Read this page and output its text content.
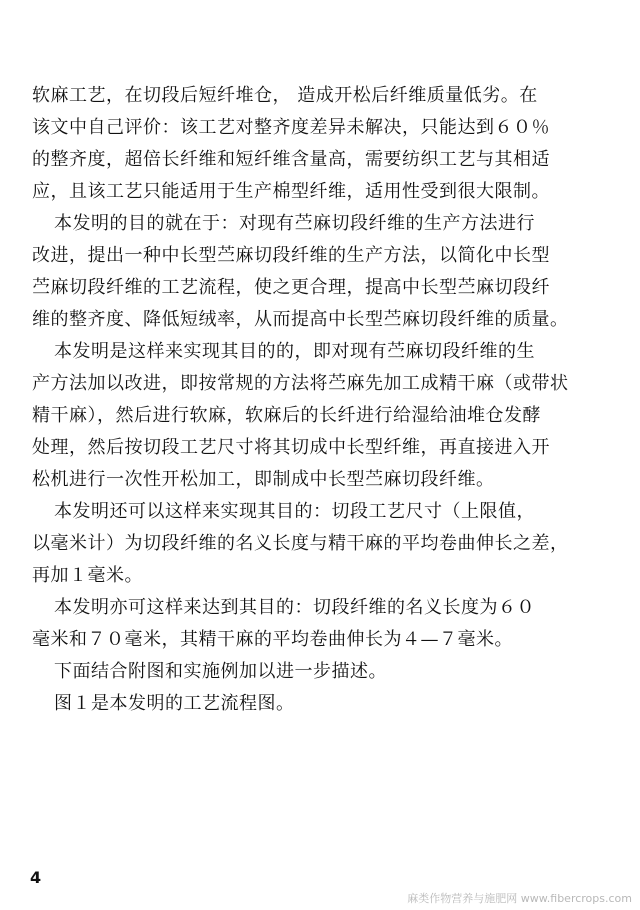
软麻工艺，在切段后短纤堆仓， 造成开松后纤维质量低劣。在
该文中自己评价：该工艺对整齐度差异未解决，只能达到６０％
的整齐度，超倍长纤维和短纤维含量高，需要纺织工艺与其相适
应，且该工艺只能适用于生产棉型纤维，适用性受到很大限制。
本发明的目的就在于：对现有苎麻切段纤维的生产方法进行
改进，提出一种中长型苎麻切段纤维的生产方法，以简化中长型
苎麻切段纤维的工艺流程，使之更合理，提高中长型苎麻切段纤
维的整齐度、降低短绒率，从而提高中长型苎麻切段纤维的质量。
本发明是这样来实现其目的的，即对现有苎麻切段纤维的生
产方法加以改进，即按常规的方法将苎麻先加工成精干麻（或带状
精干麻），然后进行软麻，软麻后的长纤进行给湿给油堆仓发酵
处理，然后按切段工艺尺寸将其切成中长型纤维，再直接进入开
松机进行一次性开松加工，即制成中长型苎麻切段纤维。
本发明还可以这样来实现其目的：切段工艺尺寸（上限值，
以毫米计）为切段纤维的名义长度与精干麻的平均卷曲伸长之差，
再加１毫米。
本发明亦可这样来达到其目的：切段纤维的名义长度为６０
毫米和７０毫米，其精干麻的平均卷曲伸长为４—７毫米。
下面结合附图和实施例加以进一步描述。
图１是本发明的工艺流程图。
4
麻类作物营养与施肥网 www.fibercrops.com
